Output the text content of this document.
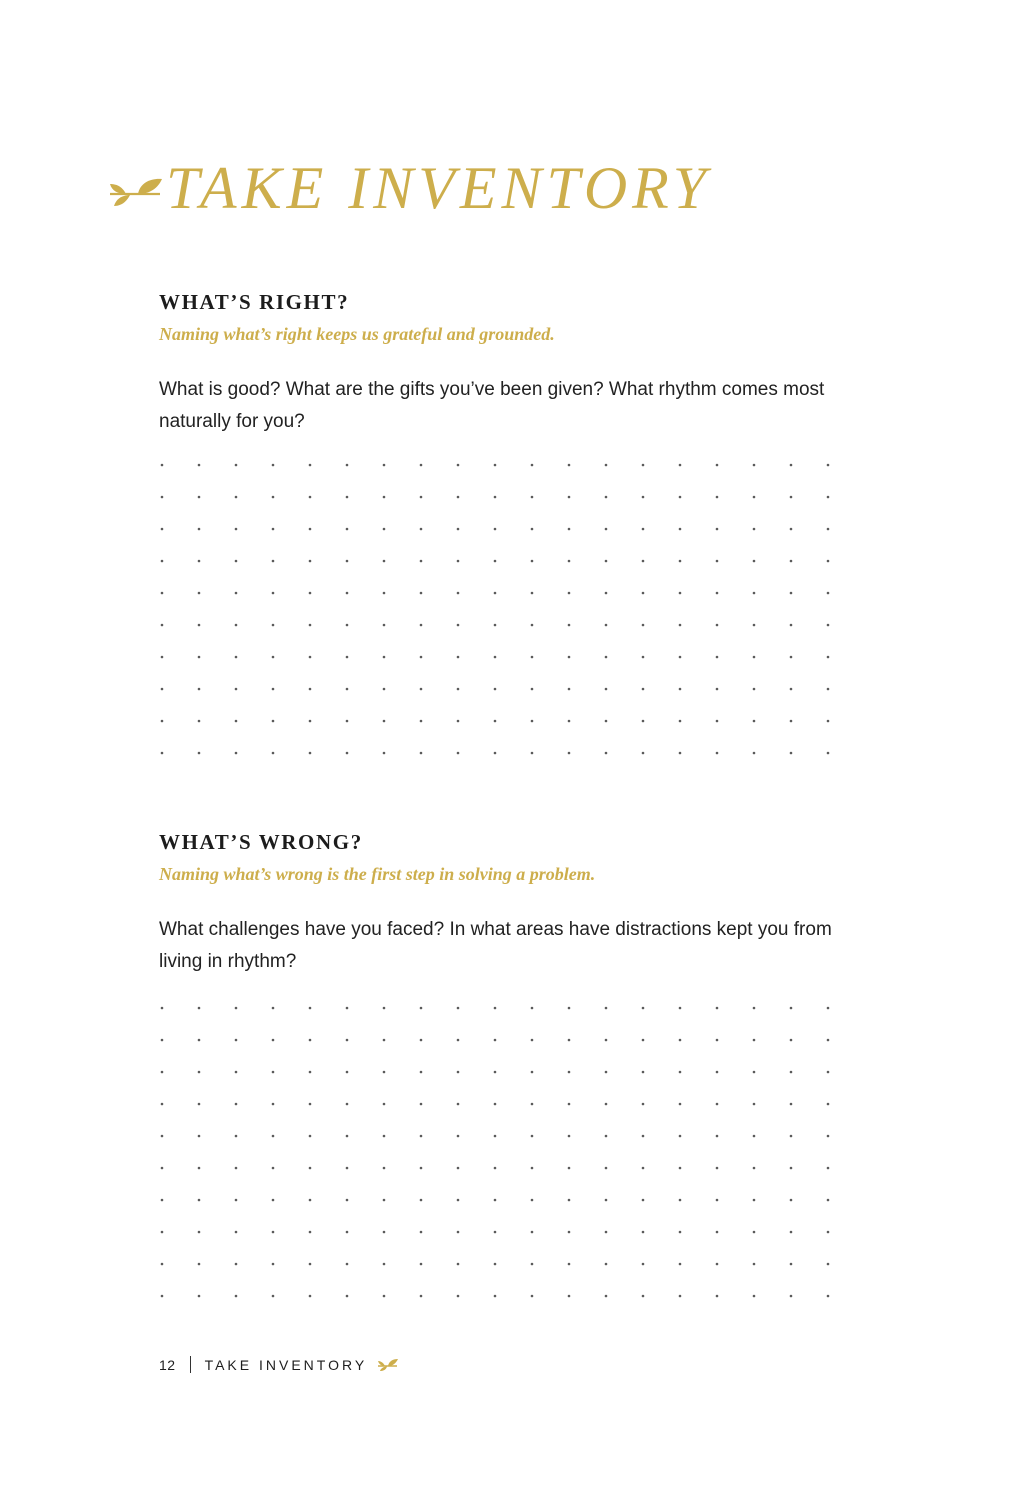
TAKE INVENTORY
WHAT’S RIGHT?
Naming what’s right keeps us grateful and grounded.
What is good? What are the gifts you’ve been given? What rhythm comes most naturally for you?
WHAT’S WRONG?
Naming what’s wrong is the first step in solving a problem.
What challenges have you faced? In what areas have distractions kept you from living in rhythm?
12 TAKE INVENTORY
